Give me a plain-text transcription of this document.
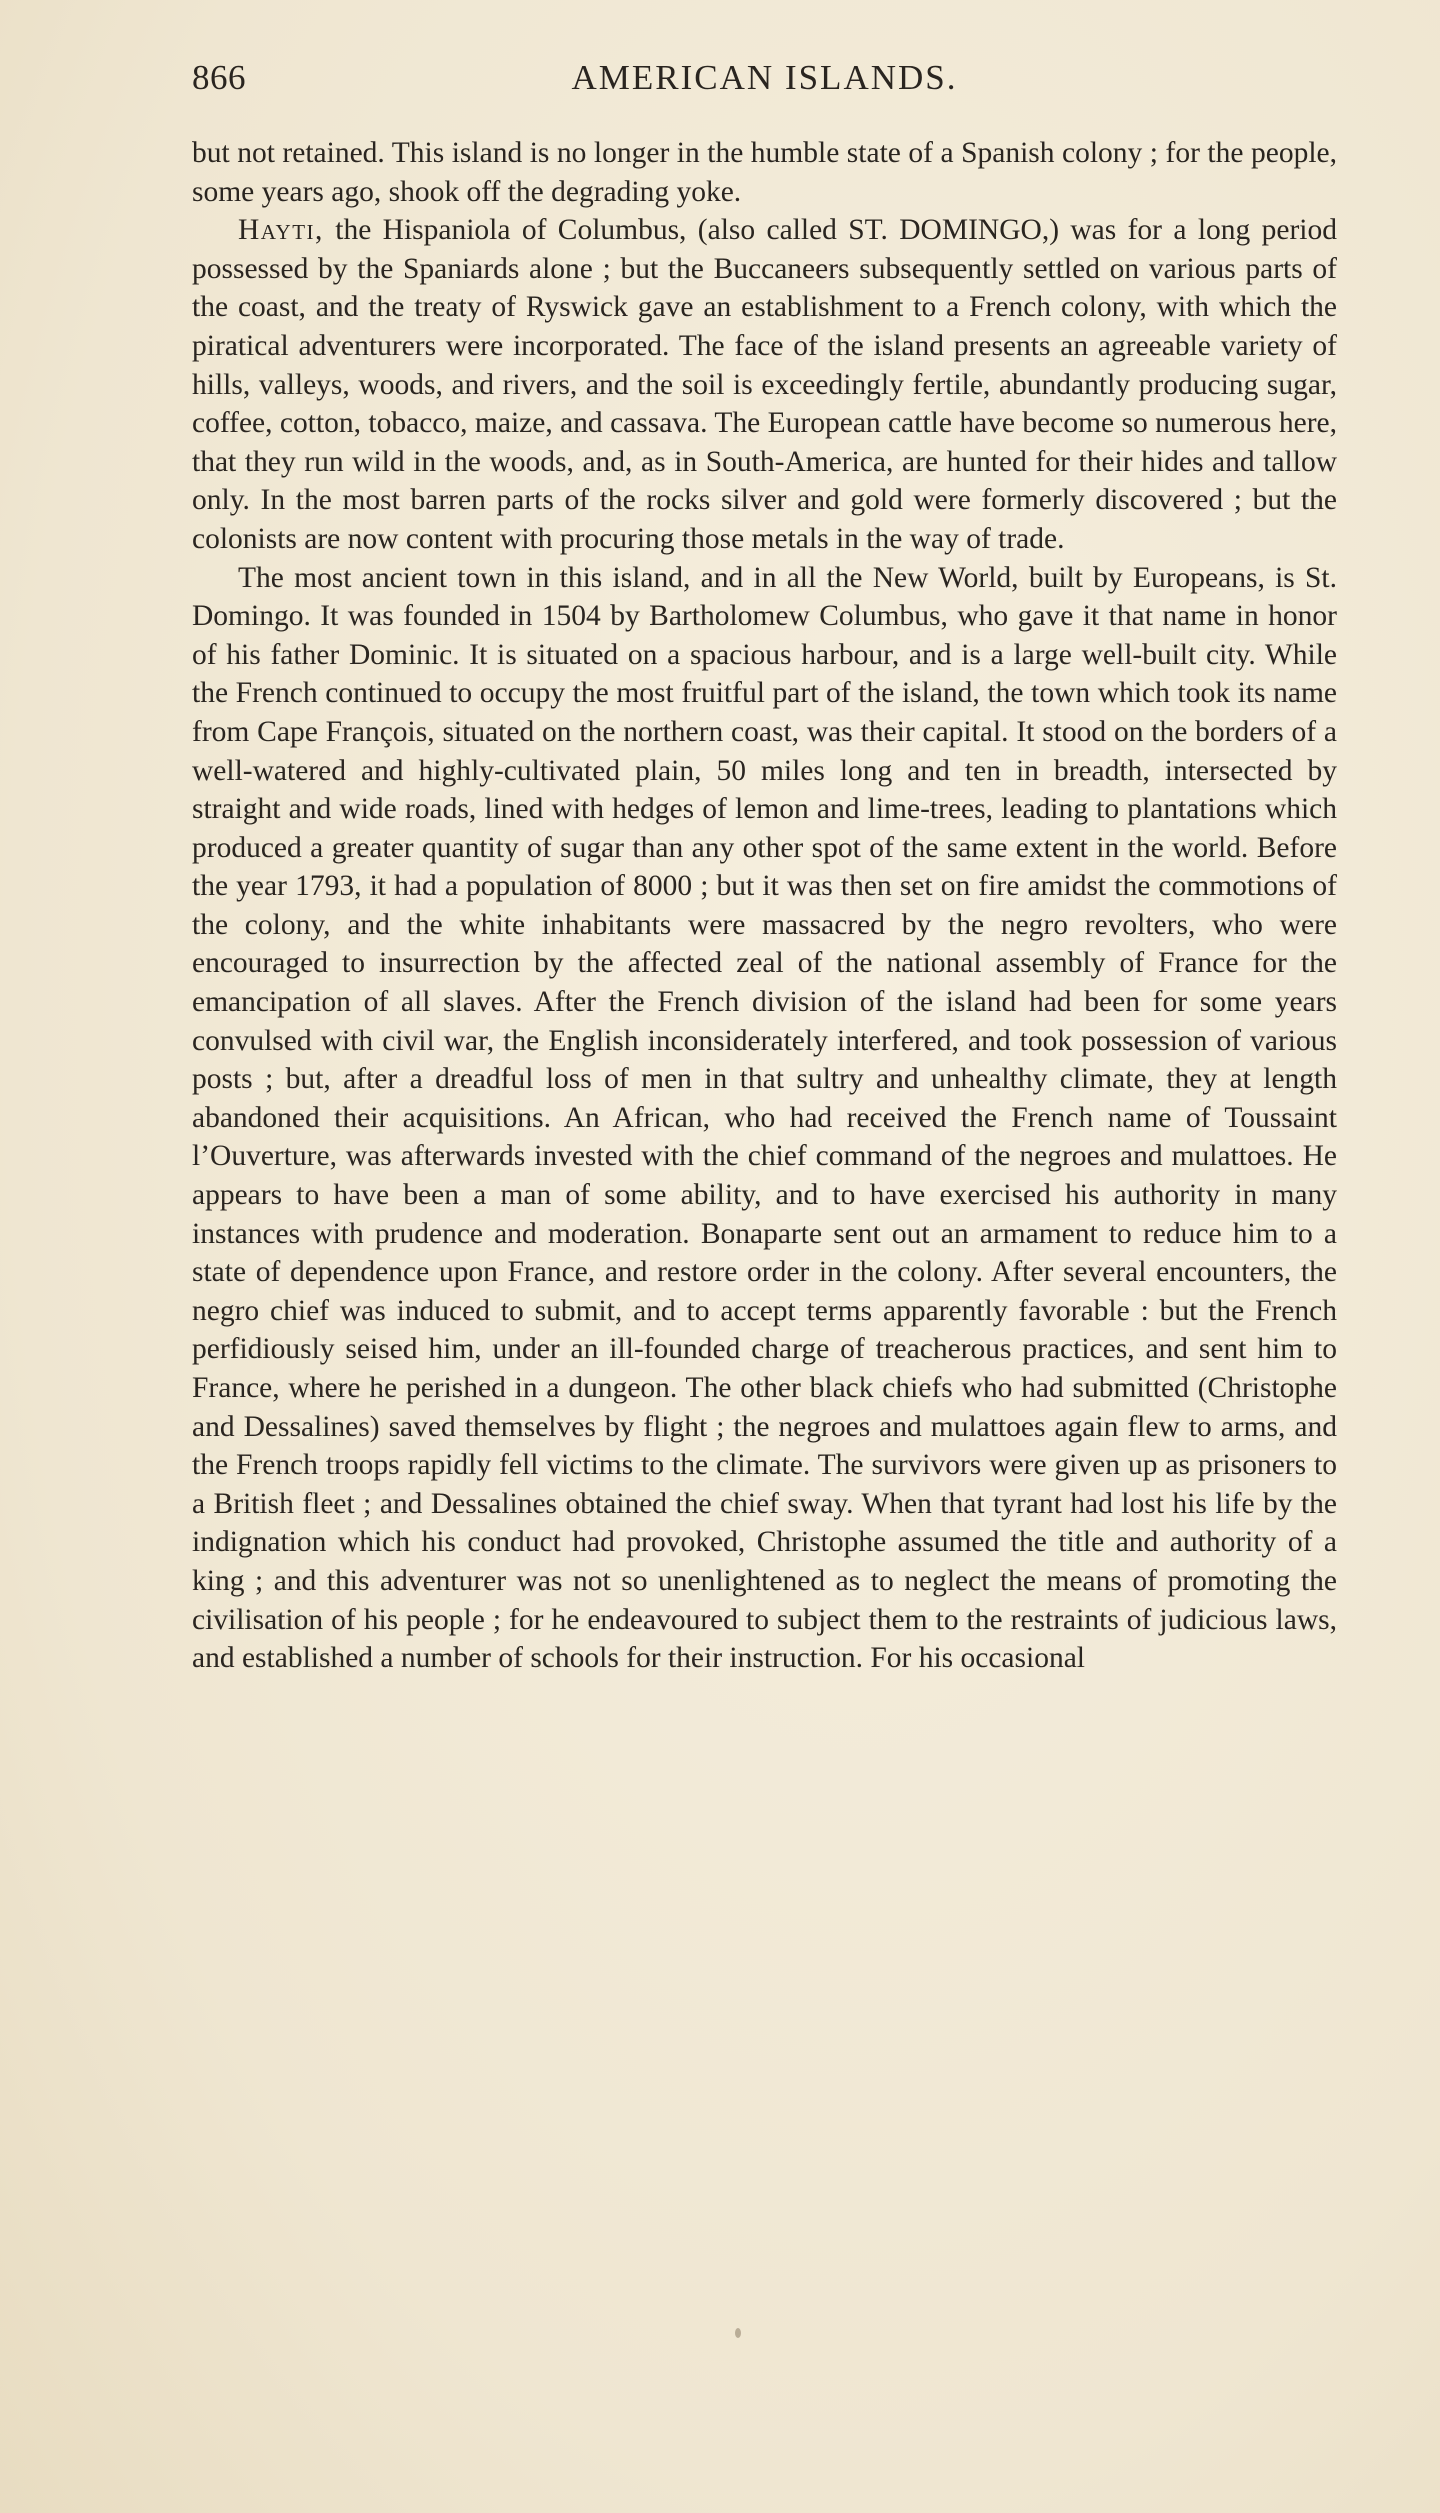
866	AMERICAN ISLANDS.

but not retained. This island is no longer in the humble state of a Spanish colony ; for the people, some years ago, shook off the degrading yoke.

Hayti, the Hispaniola of Columbus, (also called ST. DOMINGO,) was for a long period possessed by the Spaniards alone ; but the Buccaneers subsequently settled on various parts of the coast, and the treaty of Ryswick gave an establishment to a French colony, with which the piratical adventurers were incorporated. The face of the island presents an agreeable variety of hills, valleys, woods, and rivers, and the soil is exceedingly fertile, abundantly producing sugar, coffee, cotton, tobacco, maize, and cassava. The European cattle have become so numerous here, that they run wild in the woods, and, as in South-America, are hunted for their hides and tallow only. In the most barren parts of the rocks silver and gold were formerly discovered ; but the colonists are now content with procuring those metals in the way of trade.

The most ancient town in this island, and in all the New World, built by Europeans, is St. Domingo. It was founded in 1504 by Bartholomew Columbus, who gave it that name in honor of his father Dominic. It is situated on a spacious harbour, and is a large well-built city. While the French continued to occupy the most fruitful part of the island, the town which took its name from Cape François, situated on the northern coast, was their capital. It stood on the borders of a well-watered and highly-cultivated plain, 50 miles long and ten in breadth, intersected by straight and wide roads, lined with hedges of lemon and lime-trees, leading to plantations which produced a greater quantity of sugar than any other spot of the same extent in the world. Before the year 1793, it had a population of 8000 ; but it was then set on fire amidst the commotions of the colony, and the white inhabitants were massacred by the negro revolters, who were encouraged to insurrection by the affected zeal of the national assembly of France for the emancipation of all slaves. After the French division of the island had been for some years convulsed with civil war, the English inconsiderately interfered, and took possession of various posts ; but, after a dreadful loss of men in that sultry and unhealthy climate, they at length abandoned their acquisitions. An African, who had received the French name of Toussaint l’Ouverture, was afterwards invested with the chief command of the negroes and mulattoes. He appears to have been a man of some ability, and to have exercised his authority in many instances with prudence and moderation. Bonaparte sent out an armament to reduce him to a state of dependence upon France, and restore order in the colony. After several encounters, the negro chief was induced to submit, and to accept terms apparently favorable : but the French perfidiously seised him, under an ill-founded charge of treacherous practices, and sent him to France, where he perished in a dungeon. The other black chiefs who had submitted (Christophe and Dessalines) saved themselves by flight ; the negroes and mulattoes again flew to arms, and the French troops rapidly fell victims to the climate. The survivors were given up as prisoners to a British fleet ; and Dessalines obtained the chief sway. When that tyrant had lost his life by the indignation which his conduct had provoked, Christophe assumed the title and authority of a king ; and this adventurer was not so unenlightened as to neglect the means of promoting the civilisation of his people ; for he endeavoured to subject them to the restraints of judicious laws, and established a number of schools for their instruction. For his occasional
